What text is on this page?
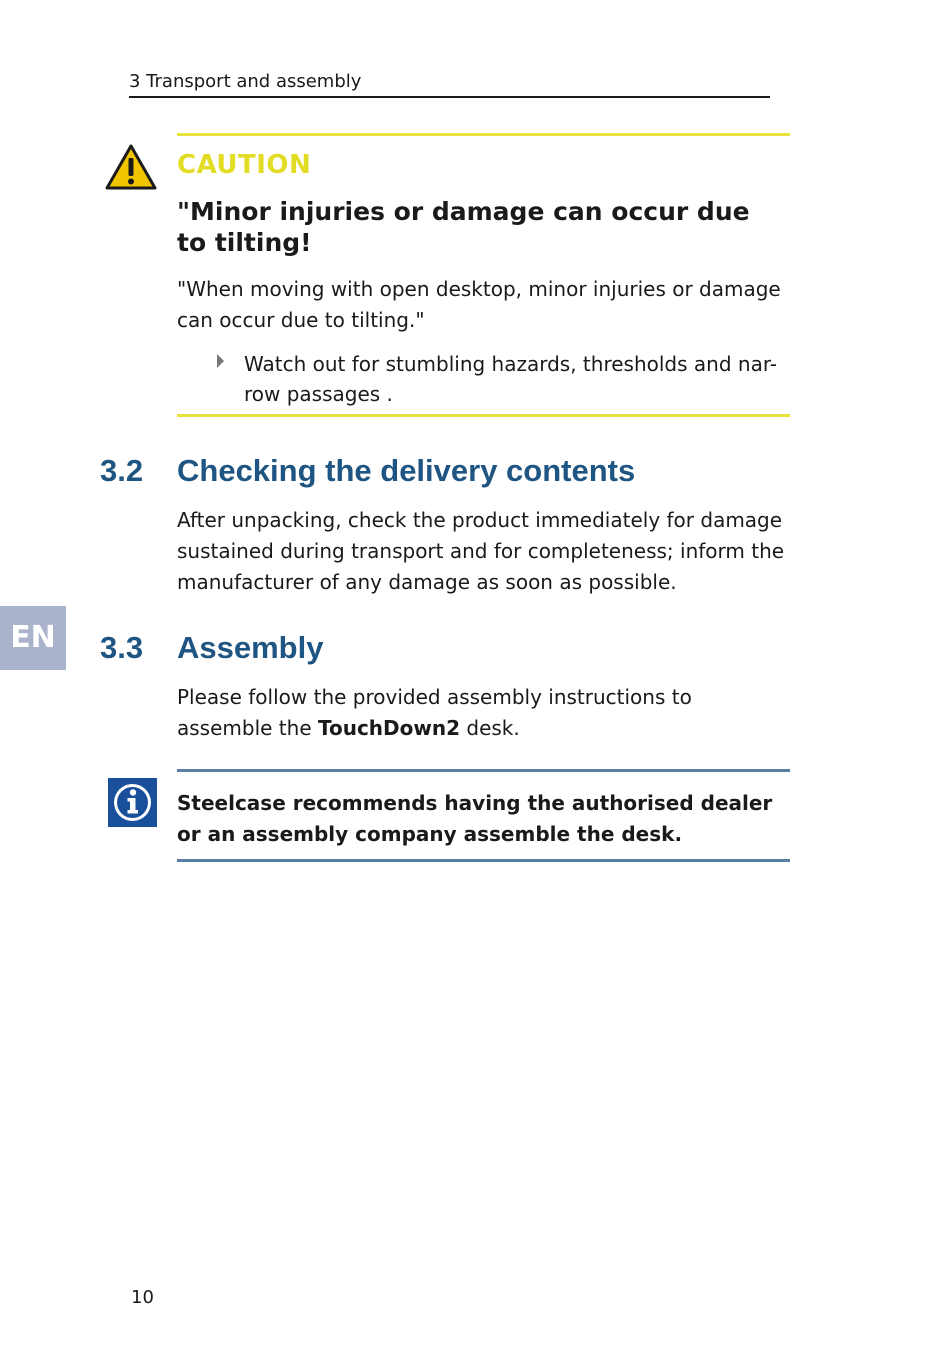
3 Transport and assembly
CAUTION
"Minor injuries or damage can occur due to tilting!
"When moving with open desktop, minor injuries or damage can occur due to tilting."
Watch out for stumbling hazards, thresholds and nar-row passages .
3.2 Checking the delivery contents
After unpacking, check the product immediately for damage sustained during transport and for completeness; inform the manufacturer of any damage as soon as possible.
EN	3.3 Assembly
Please follow the provided assembly instructions to assemble the TouchDown2 desk.
Steelcase recommends having the authorised dealer or an assembly company assemble the desk.
10
